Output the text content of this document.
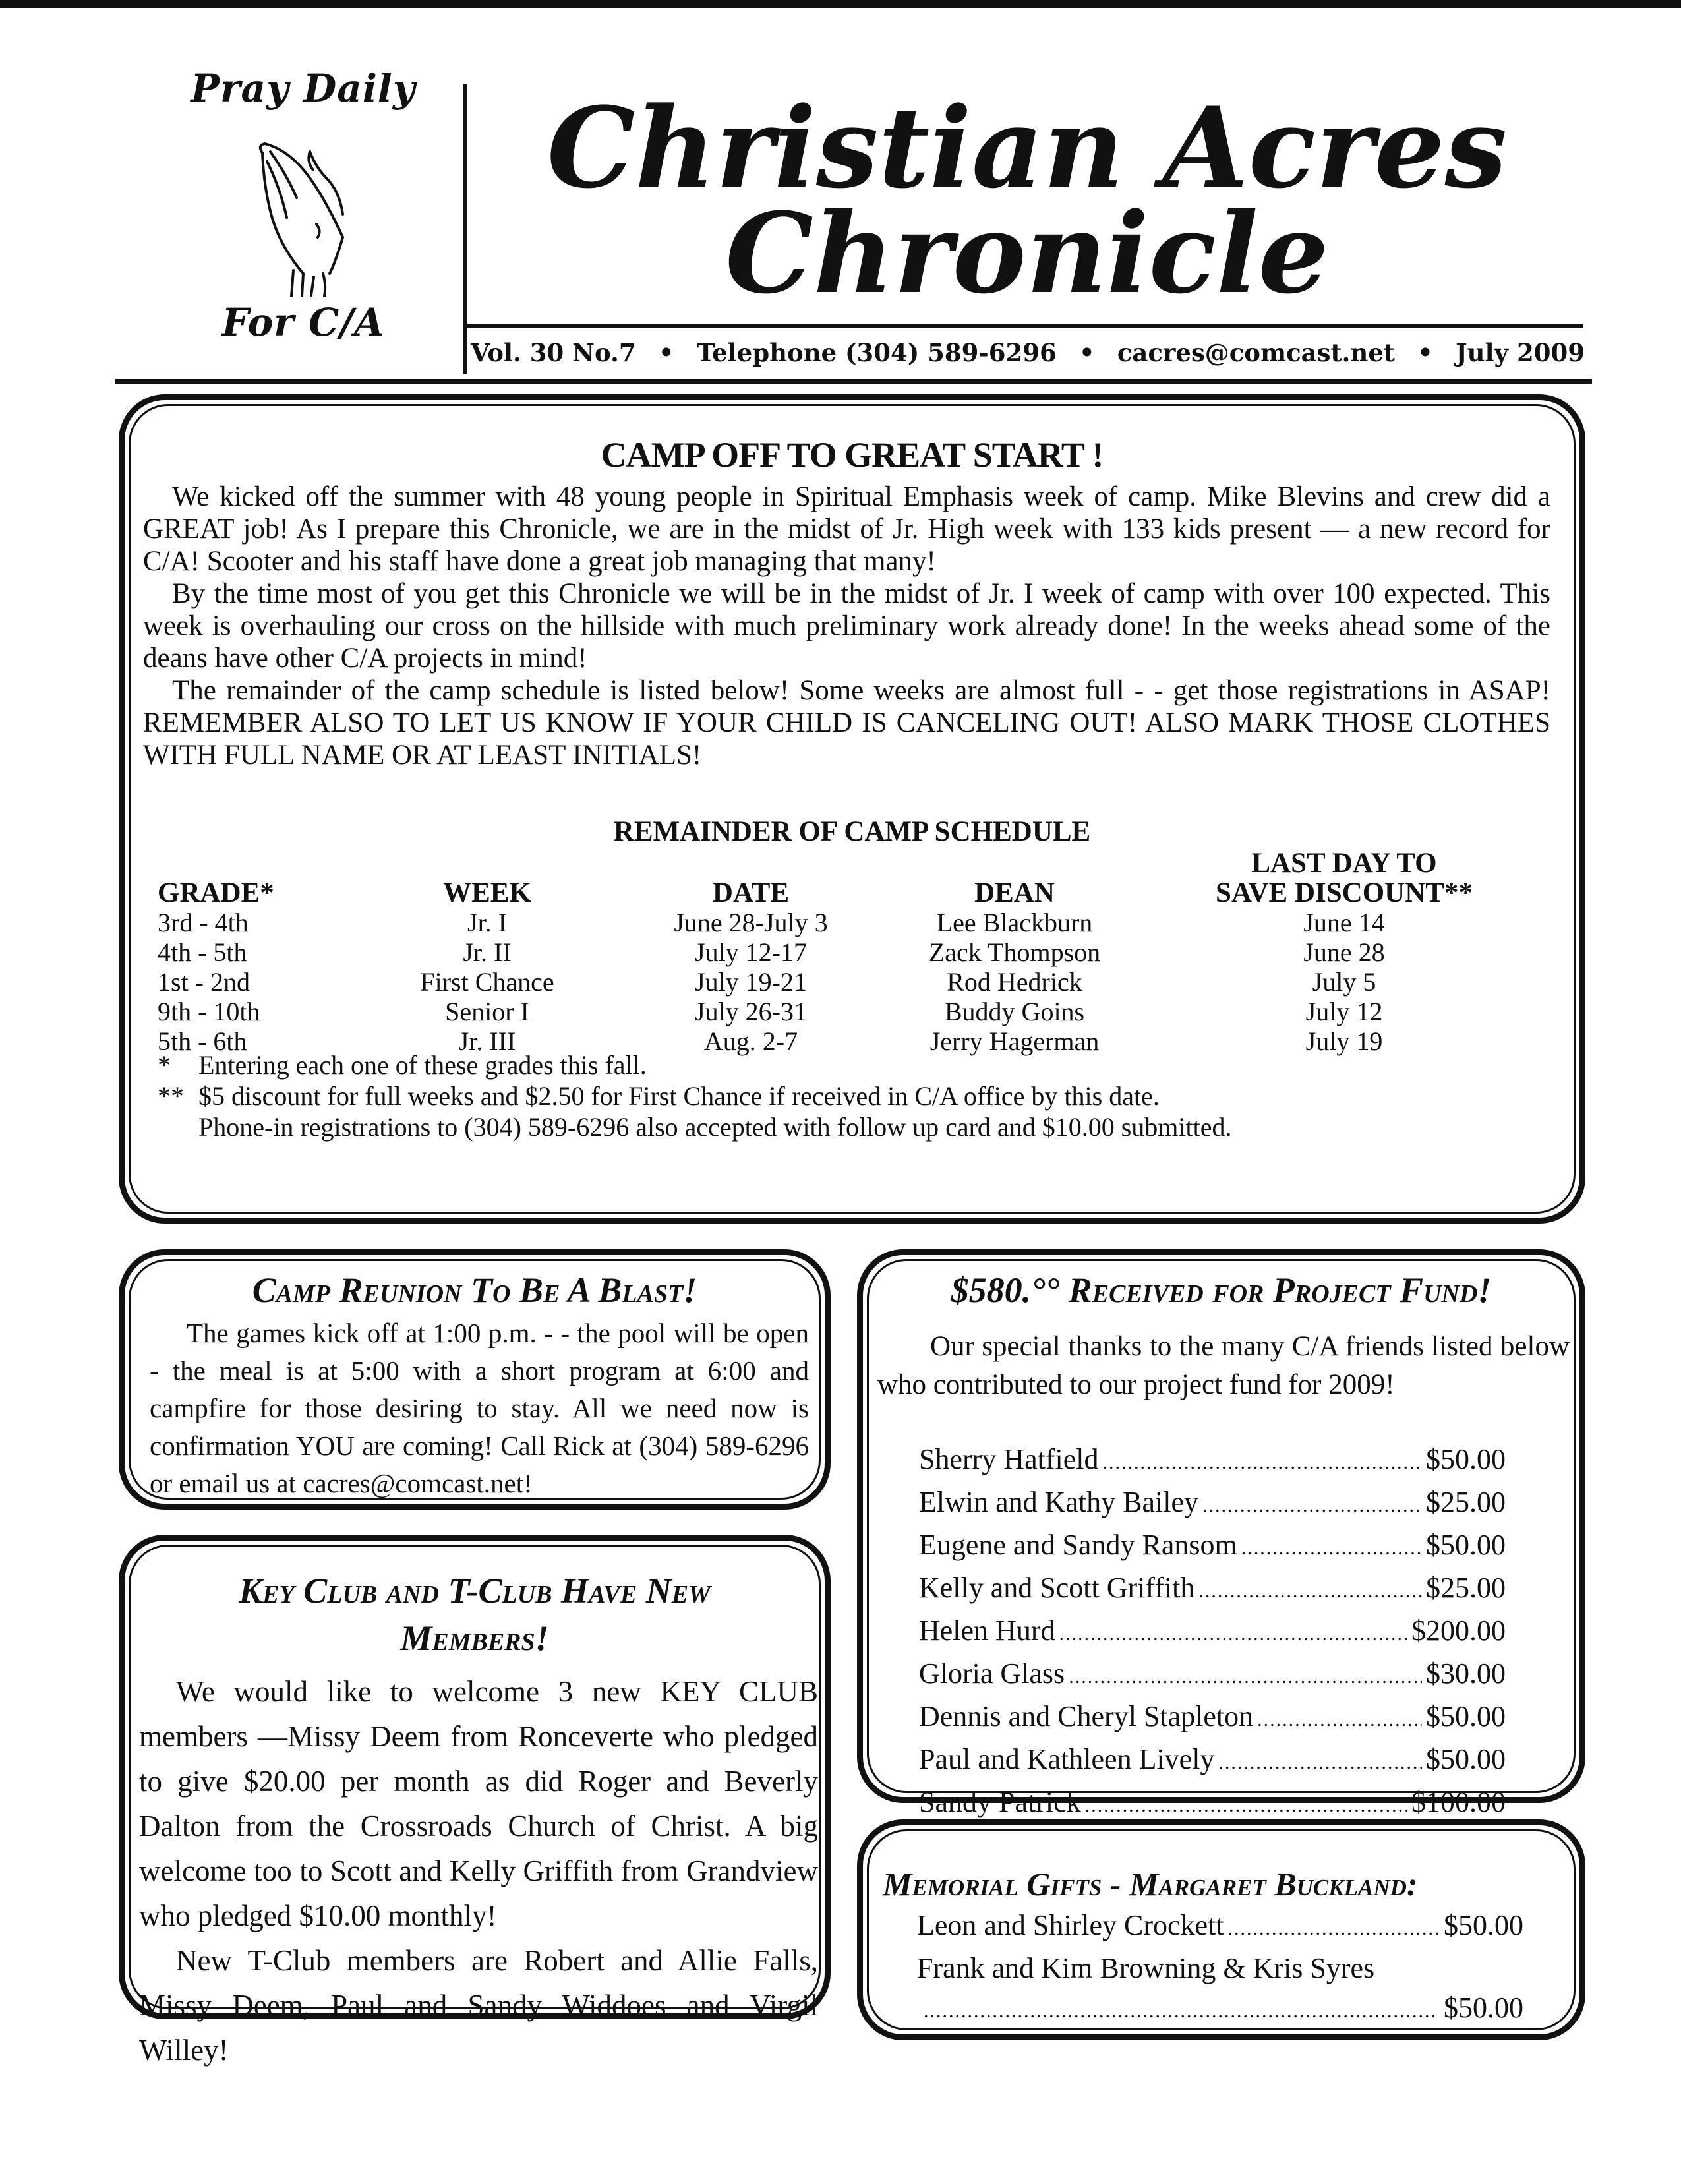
Pray Daily
For C/A
Christian Acres
Chronicle
Vol. 30 No.7 • Telephone (304) 589-6296 • cacres@comcast.net • July 2009
CAMP OFF TO GREAT START !

We kicked off the summer with 48 young people in Spiritual Emphasis week of camp. Mike Blevins and crew did a GREAT job! As I prepare this Chronicle, we are in the midst of Jr. High week with 133 kids present — a new record for C/A! Scooter and his staff have done a great job managing that many!

By the time most of you get this Chronicle we will be in the midst of Jr. I week of camp with over 100 expected. This week is overhauling our cross on the hillside with much preliminary work already done! In the weeks ahead some of the deans have other C/A projects in mind!

The remainder of the camp schedule is listed below! Some weeks are almost full - - get those registrations in ASAP! REMEMBER ALSO TO LET US KNOW IF YOUR CHILD IS CANCELING OUT! ALSO MARK THOSE CLOTHES WITH FULL NAME OR AT LEAST INITIALS!

REMAINDER OF CAMP SCHEDULE
GRADE*	WEEK	DATE	DEAN
LAST DAY TO
SAVE DISCOUNT**
3rd - 4th	Jr. I	June 28-July 3	Lee Blackburn	June 14
4th - 5th	Jr. II	July 12-17	Zack Thompson	June 28
1st - 2nd	First Chance	July 19-21	Rod Hedrick	July 5
9th - 10th	Senior I	July 26-31	Buddy Goins	July 12
5th - 6th	Jr. III	Aug. 2-7	Jerry Hagerman	July 19
*	Entering each one of these grades this fall.
** $5 discount for full weeks and $2.50 for First Chance if received in C/A office by this date.
Phone-in registrations to (304) 589-6296 also accepted with follow up card and $10.00 submitted.
Camp Reunion To Be A Blast!

The games kick off at 1:00 p.m. - - the pool will be open - the meal is at 5:00 with a short program at 6:00 and campfire for those desiring to stay. All we need now is confirmation YOU are coming! Call Rick at (304) 589-6296 or email us at cacres@comcast.net!

Key Club and T-Club Have New Members!

We would like to welcome 3 new KEY CLUB members —Missy Deem from Ronceverte who pledged to give $20.00 per month as did Roger and Beverly Dalton from the Crossroads Church of Christ. A big welcome too to Scott and Kelly Griffith from Grandview who pledged $10.00 monthly!

New T-Club members are Robert and Allie Falls, Missy Deem, Paul and Sandy Widdoes and Virgil Willey!

$580.°° Received for Project Fund!

Our special thanks to the many C/A friends listed below who contributed to our project fund for 2009!

Sherry Hatfield .....	$50.00
Elwin and Kathy Bailey .....	$25.00
Eugene and Sandy Ransom .....	$50.00
Kelly and Scott Griffith .....	$25.00
Helen Hurd .....	$200.00
Gloria Glass .....	$30.00
Dennis and Cheryl Stapleton .....	$50.00
Paul and Kathleen Lively .....	$50.00
Sandy Patrick .....	$100.00
Memorial Gifts - Margaret Buckland:
Leon and Shirley Crockett .....	$50.00
Frank and Kim Browning & Kris Syres
.....
$50.00
